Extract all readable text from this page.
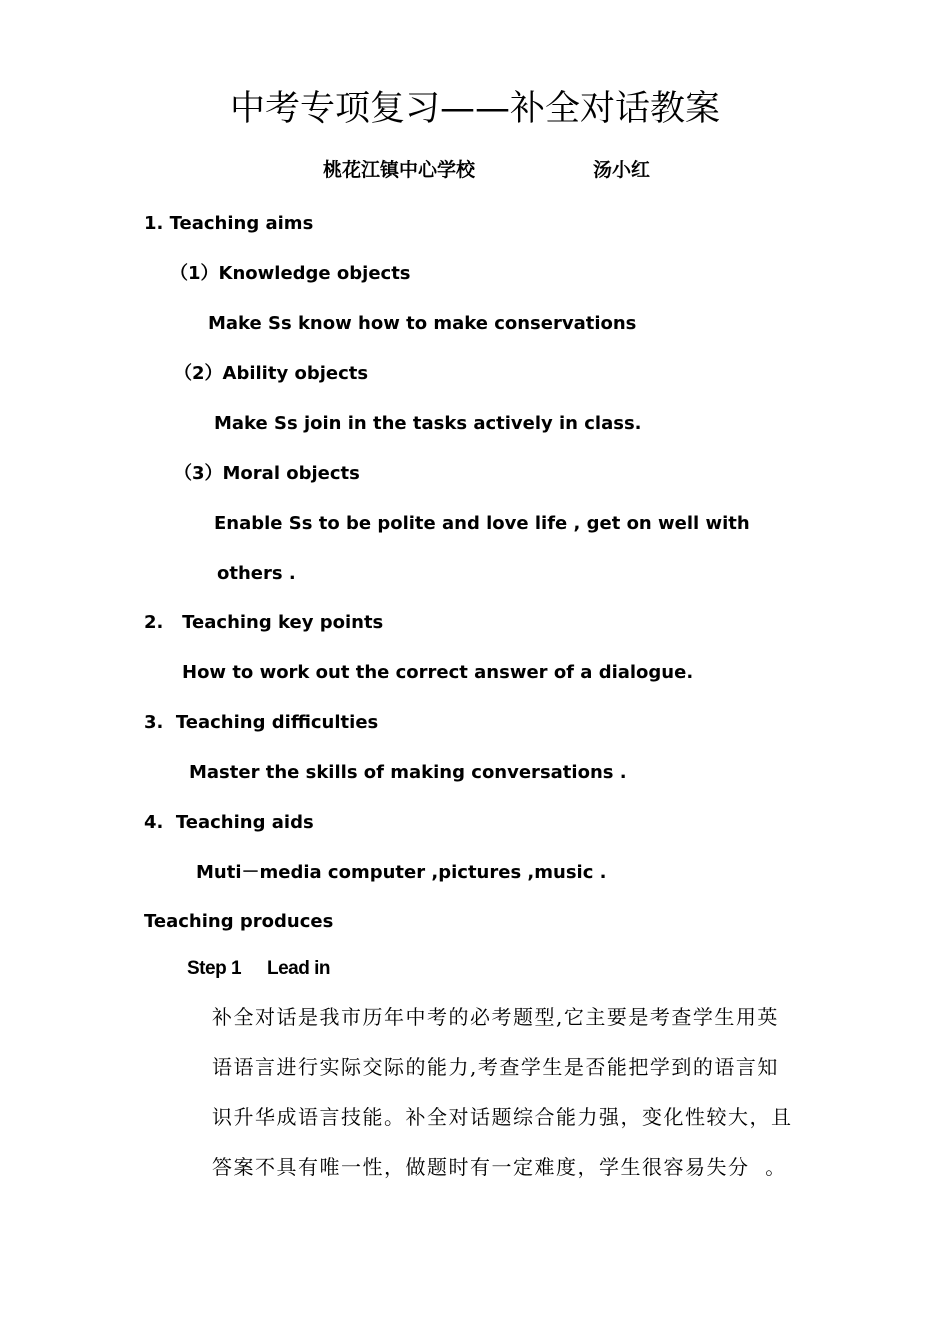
中考专项复习——补全对话教案
桃花江镇中心学校	汤小红
1. Teaching aims
（1）Knowledge objects
Make Ss know how to make conservations
（2）Ability objects
Make Ss join in the tasks actively in class.
（3）Moral objects
Enable Ss to be polite and love life , get on well with
others .
2.   Teaching key points
How to work out the correct answer of a dialogue.
3.  Teaching difficulties
Master the skills of making conversations .
4.  Teaching aids
Muti－media computer ,pictures ,music .
Teaching produces
Step 1 Lead in
补全对话是我市历年中考的必考题型,它主要是考查学生用英
语语言进行实际交际的能力,考查学生是否能把学到的语言知
识升华成语言技能。补全对话题综合能力强，变化性较大，且
答案不具有唯一性，做题时有一定难度，学生很容易失分  。
